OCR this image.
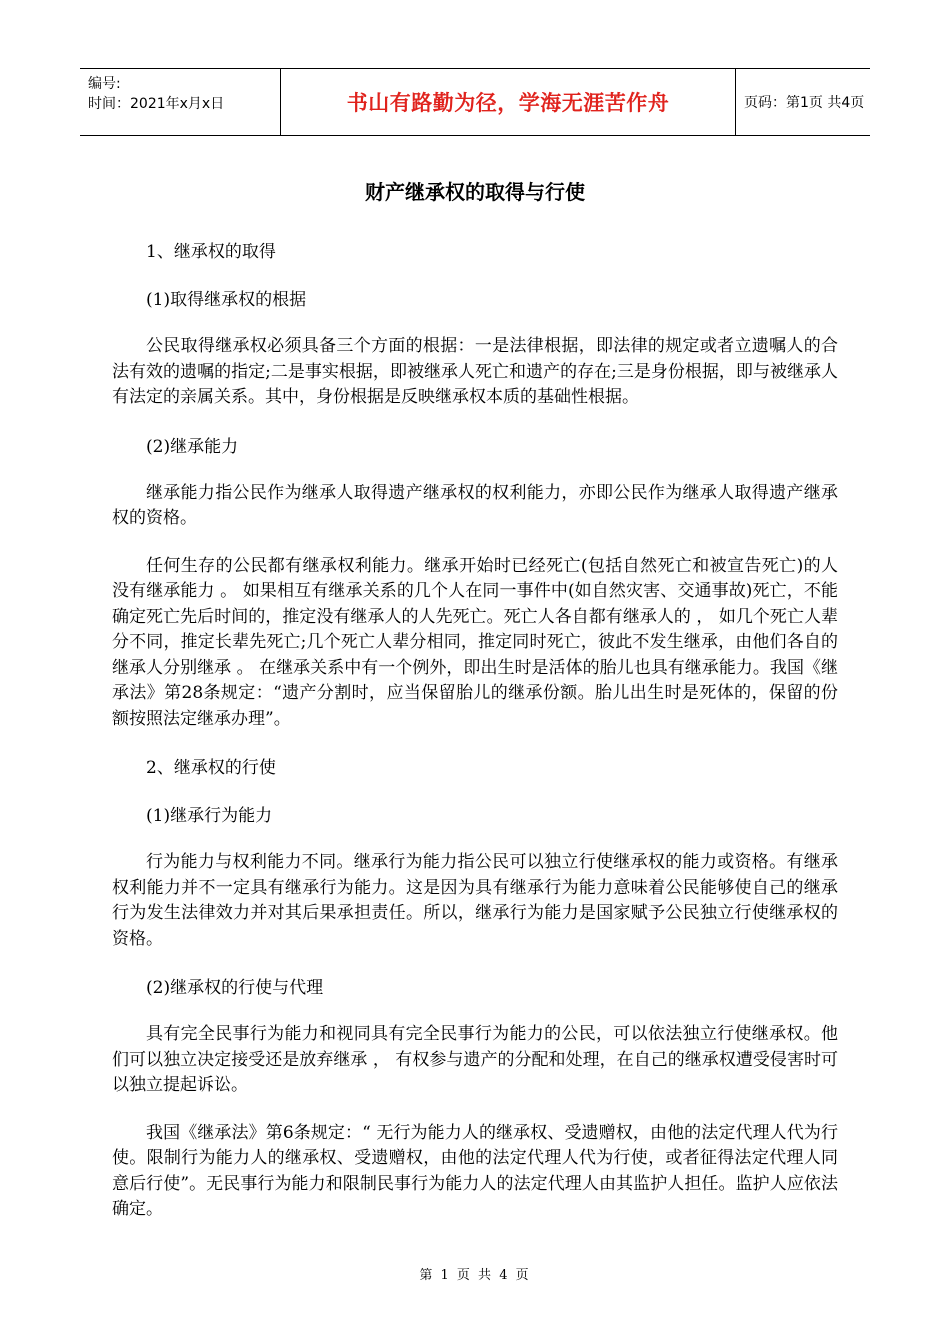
编号:
时间：2021年x月x日	书山有路勤为径，学海无涯苦作舟	页码：第1页 共4页
财产继承权的取得与行使

1、继承权的取得

(1)取得继承权的根据

公民取得继承权必须具备三个方面的根据：一是法律根据，即法律的规定或者立遗嘱人的合法有效的遗嘱的指定;二是事实根据，即被继承人死亡和遗产的存在;三是身份根据，即与被继承人有法定的亲属关系。其中，身份根据是反映继承权本质的基础性根据。

(2)继承能力

继承能力指公民作为继承人取得遗产继承权的权利能力，亦即公民作为继承人取得遗产继承权的资格。

任何生存的公民都有继承权利能力。继承开始时已经死亡(包括自然死亡和被宣告死亡)的人没有继承能力 。 如果相互有继承关系的几个人在同一事件中(如自然灾害、交通事故)死亡，不能确定死亡先后时间的，推定没有继承人的人先死亡。死亡人各自都有继承人的 ， 如几个死亡人辈分不同，推定长辈先死亡;几个死亡人辈分相同，推定同时死亡，彼此不发生继承，由他们各自的继承人分别继承 。 在继承关系中有一个例外，即出生时是活体的胎儿也具有继承能力。我国《继承法》第28条规定：“遗产分割时，应当保留胎儿的继承份额。胎儿出生时是死体的，保留的份额按照法定继承办理”。

2、继承权的行使

(1)继承行为能力

行为能力与权利能力不同。继承行为能力指公民可以独立行使继承权的能力或资格。有继承权利能力并不一定具有继承行为能力。这是因为具有继承行为能力意味着公民能够使自己的继承行为发生法律效力并对其后果承担责任。所以，继承行为能力是国家赋予公民独立行使继承权的资格。

(2)继承权的行使与代理

具有完全民事行为能力和视同具有完全民事行为能力的公民，可以依法独立行使继承权。他们可以独立决定接受还是放弃继承 ， 有权参与遗产的分配和处理，在自己的继承权遭受侵害时可以独立提起诉讼。

我国《继承法》第6条规定：“ 无行为能力人的继承权、受遗赠权，由他的法定代理人代为行使。限制行为能力人的继承权、受遗赠权，由他的法定代理人代为行使，或者征得法定代理人同意后行使”。无民事行为能力和限制民事行为能力人的法定代理人由其监护人担任。监护人应依法确定。

第 1 页 共 4 页
